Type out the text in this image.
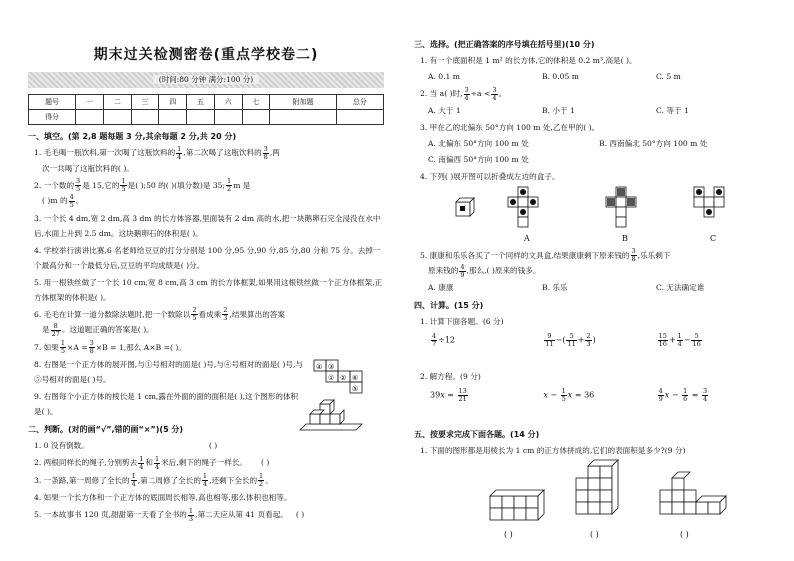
期末过关检测密卷(重点学校卷二)
(时间:80 分钟 满分:100 分)
题号	一	二	三	四	五	六	七	附加题	总分
得分									
一、填空。(第 2,8 题每题 3 分,其余每题 2 分,共 20 分)
1. 毛毛喝一瓶饮料,第一次喝了这瓶饮料的 $\frac{1}{4}$ ,第二次喝了这瓶饮料的 $\frac{3}{8}$ ,两
次一共喝了这瓶饮料的( )。
2. 一个数的 $\frac{3}{5}$ 是 15,它的 $\frac{1}{5}$ 是( );50 的( )(填分数)是 35; $\frac{1}{2}$ m 是
( )m 的 $\frac{4}{5}$ 。
3. 一个长 4 dm,宽 2 dm,高 3 dm 的长方体容器,里面装有 2 dm 高的水,把一块鹅卵石完全浸没在水中后,水面上升到 2.5 dm。这块鹅卵石的体积是( )。
4. 学校举行演讲比赛,6 名老师给豆豆的打分分别是 100 分,95 分,90 分,85 分,80 分和 75 分。去掉一个最高分和一个最低分后,豆豆的平均成绩是( )分。
5. 用一根铁丝做了一个长 10 cm,宽 8 cm,高 3 cm 的长方体框架,如果用这根铁丝做一个正方体框架,正方体框架的体积是( )。
6. 毛毛在计算一道分数除法题时,把一个数除以 $\frac{2}{5}$ 看成乘 $\frac{2}{3}$ ,结果算出的答案
是 $\frac{8}{27}$ 。这道题正确的答案是( )。
7. 如果 $\frac{1}{5} \times A = \frac{3}{8} \times B = 1$,那么 A×B =( )。
8. 右图是一个正方体的展开图,与①号相对的面是( )号,与④号相对的面是( )号,与⑤号相对的面是( )号。
9. 右图每个小正方体的棱长是 1 cm,露在外面的面的面积是( ),这个图形的体积是( )。
二、判断。(对的画“√”,错的画“×”)(5 分)
1. 0 没有倒数。	( )
2. 两根同样长的绳子,分别剪去 $\frac{1}{4}$ 和 $\frac{1}{4}$ 米后,剩下的绳子一样长。 ( )
3. 一条路,第一周修了全长的 $\frac{1}{4}$ ,第二周修了全长的 $\frac{1}{4}$ ,还剩下全长的 $\frac{1}{2}$ 。
4. 如果一个长方体和一个正方体的底面周长相等,高也相等,那么体积也相等。
5. 一本故事书 120 页,甜甜第一天看了全书的 $\frac{1}{3}$ ,第二天应从第 41 页看起。 ( )
④ ③
① ② ⑥
⑤
三、选择。(把正确答案的序号填在括号里)(10 分)
1. 有一个底面积是 1 m² 的长方体,它的体积是 0.2 m³,高是( )。
A. 0.1 m	B. 0.05 m	C. 5 m
2. 当 a( )时, $\frac{3}{4} \div a < \frac{3}{4}$ 。
A. 大于 1	B. 小于 1	C. 等于 1
3. 甲在乙的北偏东 50°方向 100 m 处,乙在甲的( )。
A. 北偏东 50°方向 100 m 处	B. 西南偏北 50°方向 100 m 处
C. 南偏西 50°方向 100 m 处
4. 下列( )展开图可以折叠成左边的盒子。
A	B	C
5. 康康和乐乐各买了一个同样的文具盒,结果康康剩下原来钱的 $\frac{3}{8}$ ,乐乐剩下
原来钱的 $\frac{4}{9}$ ,那么,( )原来的钱多。
A. 康康	B. 乐乐	C. 无法确定谁
四、计算。(15 分)
1. 计算下面各题。(6 分)
$\frac{4}{7} \div 12$	$\frac{9}{11}$ −( $\frac{5}{11} + \frac{2}{3}$ )	$\frac{15}{16} + \frac{1}{4} - \frac{5}{16}$
2. 解方程。(9 分)
$39x = \frac{13}{21}$	$x - \frac{1}{5}$ x = 36	$\frac{4}{9}$ $x - \frac{1}{6} = \frac{3}{4}$
五、按要求完成下面各题。(14 分)
1. 下面的图形都是用棱长为 1 cm 的正方体拼成的,它们的表面积是多少?(9 分)
( )	( )	( )
